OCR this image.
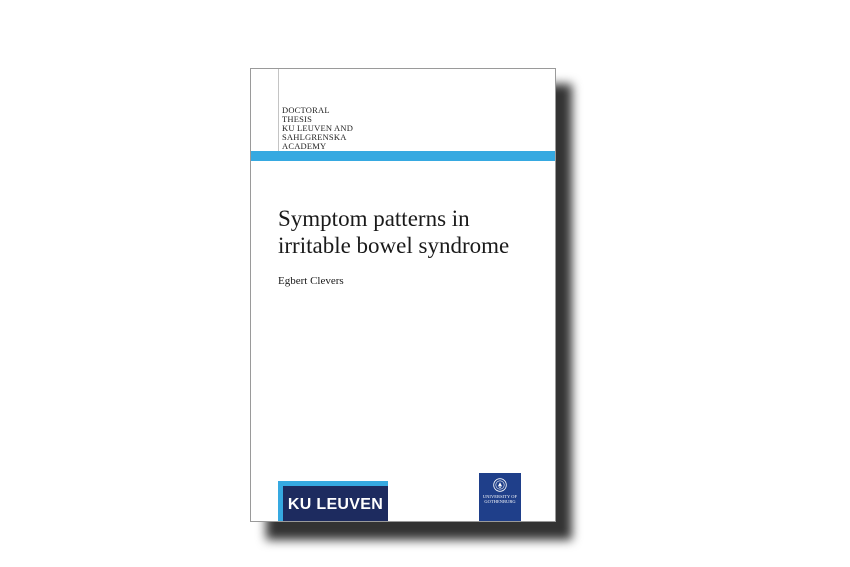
DOCTORAL
THESIS
KU LEUVEN AND
SAHLGRENSKA
ACADEMY
Symptom patterns in
irritable bowel syndrome
Egbert Clevers
KU LEUVEN	UNIVERSITY OF
GOTHENBURG
